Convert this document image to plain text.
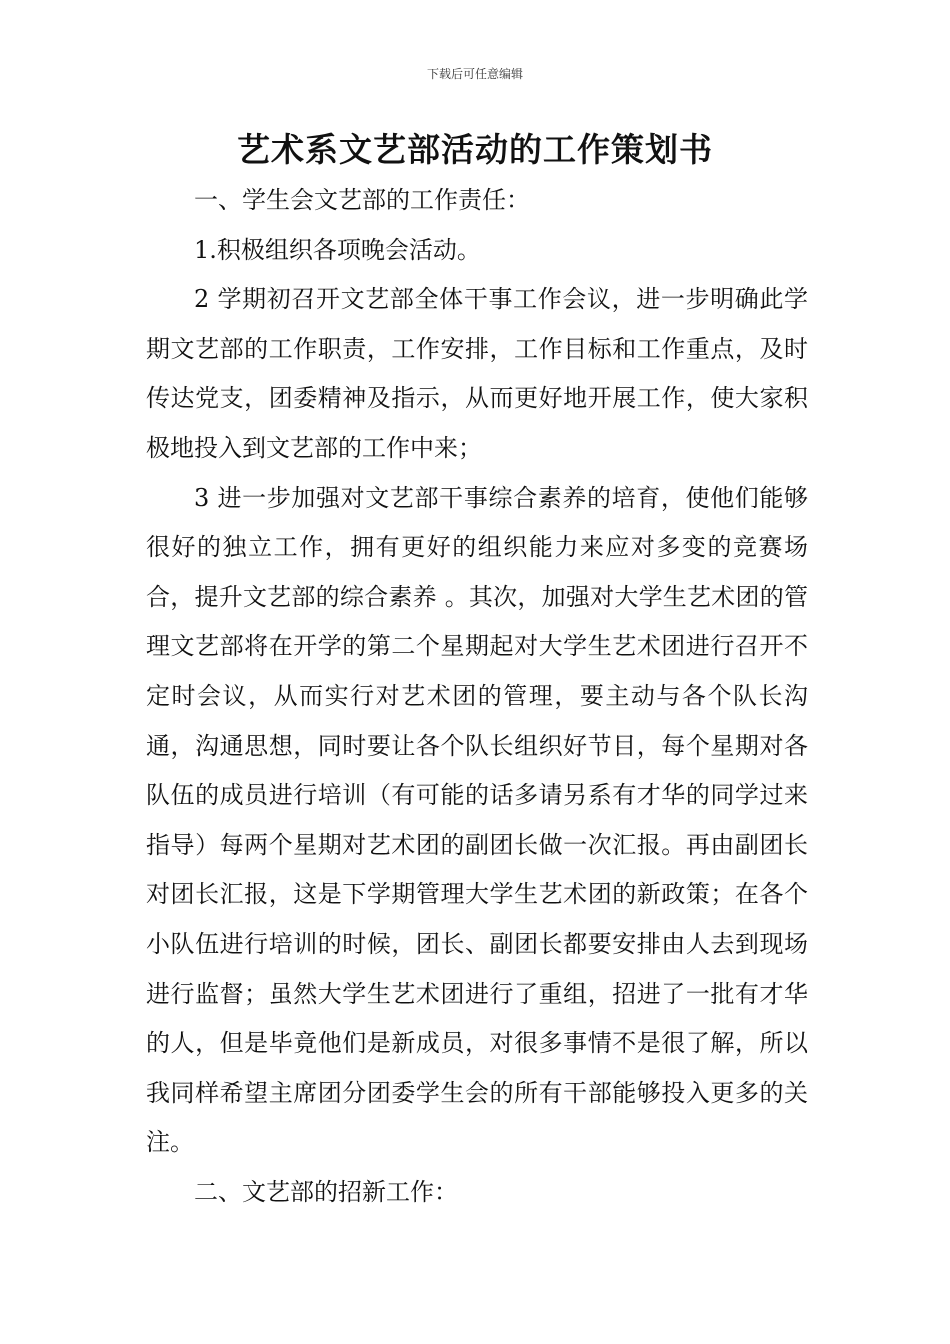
下载后可任意编辑
艺术系文艺部活动的工作策划书

一、学生会文艺部的工作责任：

1.积极组织各项晚会活动。

2 学期初召开文艺部全体干事工作会议，进一步明确此学期文艺部的工作职责，工作安排，工作目标和工作重点，及时传达党支，团委精神及指示，从而更好地开展工作，使大家积极地投入到文艺部的工作中来；

3 进一步加强对文艺部干事综合素养的培育，使他们能够很好的独立工作，拥有更好的组织能力来应对多变的竞赛场合，提升文艺部的综合素养 。其次，加强对大学生艺术团的管理文艺部将在开学的第二个星期起对大学生艺术团进行召开不定时会议，从而实行对艺术团的管理，要主动与各个队长沟通，沟通思想，同时要让各个队长组织好节目，每个星期对各队伍的成员进行培训（有可能的话多请另系有才华的同学过来指导）每两个星期对艺术团的副团长做一次汇报。再由副团长对团长汇报，这是下学期管理大学生艺术团的新政策；在各个小队伍进行培训的时候，团长、副团长都要安排由人去到现场进行监督；虽然大学生艺术团进行了重组，招进了一批有才华的人，但是毕竟他们是新成员，对很多事情不是很了解，所以我同样希望主席团分团委学生会的所有干部能够投入更多的关注。

二、文艺部的招新工作：
